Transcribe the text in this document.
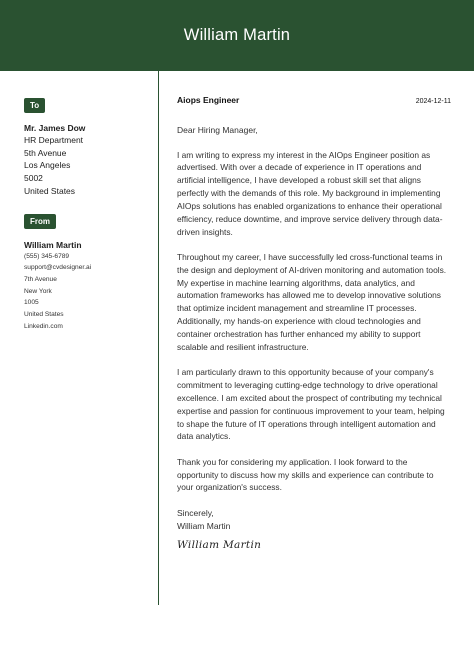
William Martin
To
Mr. James Dow
HR Department
5th Avenue
Los Angeles
5002
United States
From
William Martin
(555) 345-6789
support@cvdesigner.ai
7th Avenue
New York
1005
United States
Linkedin.com
Aiops Engineer	2024-12-11
Dear Hiring Manager,

I am writing to express my interest in the AIOps Engineer position as advertised. With over a decade of experience in IT operations and artificial intelligence, I have developed a robust skill set that aligns perfectly with the demands of this role. My background in implementing AIOps solutions has enabled organizations to enhance their operational efficiency, reduce downtime, and improve service delivery through data-driven insights.

Throughout my career, I have successfully led cross-functional teams in the design and deployment of AI-driven monitoring and automation tools. My expertise in machine learning algorithms, data analytics, and automation frameworks has allowed me to develop innovative solutions that optimize incident management and streamline IT processes. Additionally, my hands-on experience with cloud technologies and container orchestration has further enhanced my ability to support scalable and resilient infrastructure.

I am particularly drawn to this opportunity because of your company's commitment to leveraging cutting-edge technology to drive operational excellence. I am excited about the prospect of contributing my technical expertise and passion for continuous improvement to your team, helping to shape the future of IT operations through intelligent automation and data analytics.

Thank you for considering my application. I look forward to the opportunity to discuss how my skills and experience can contribute to your organization's success.

Sincerely,
William Martin
William Martin
